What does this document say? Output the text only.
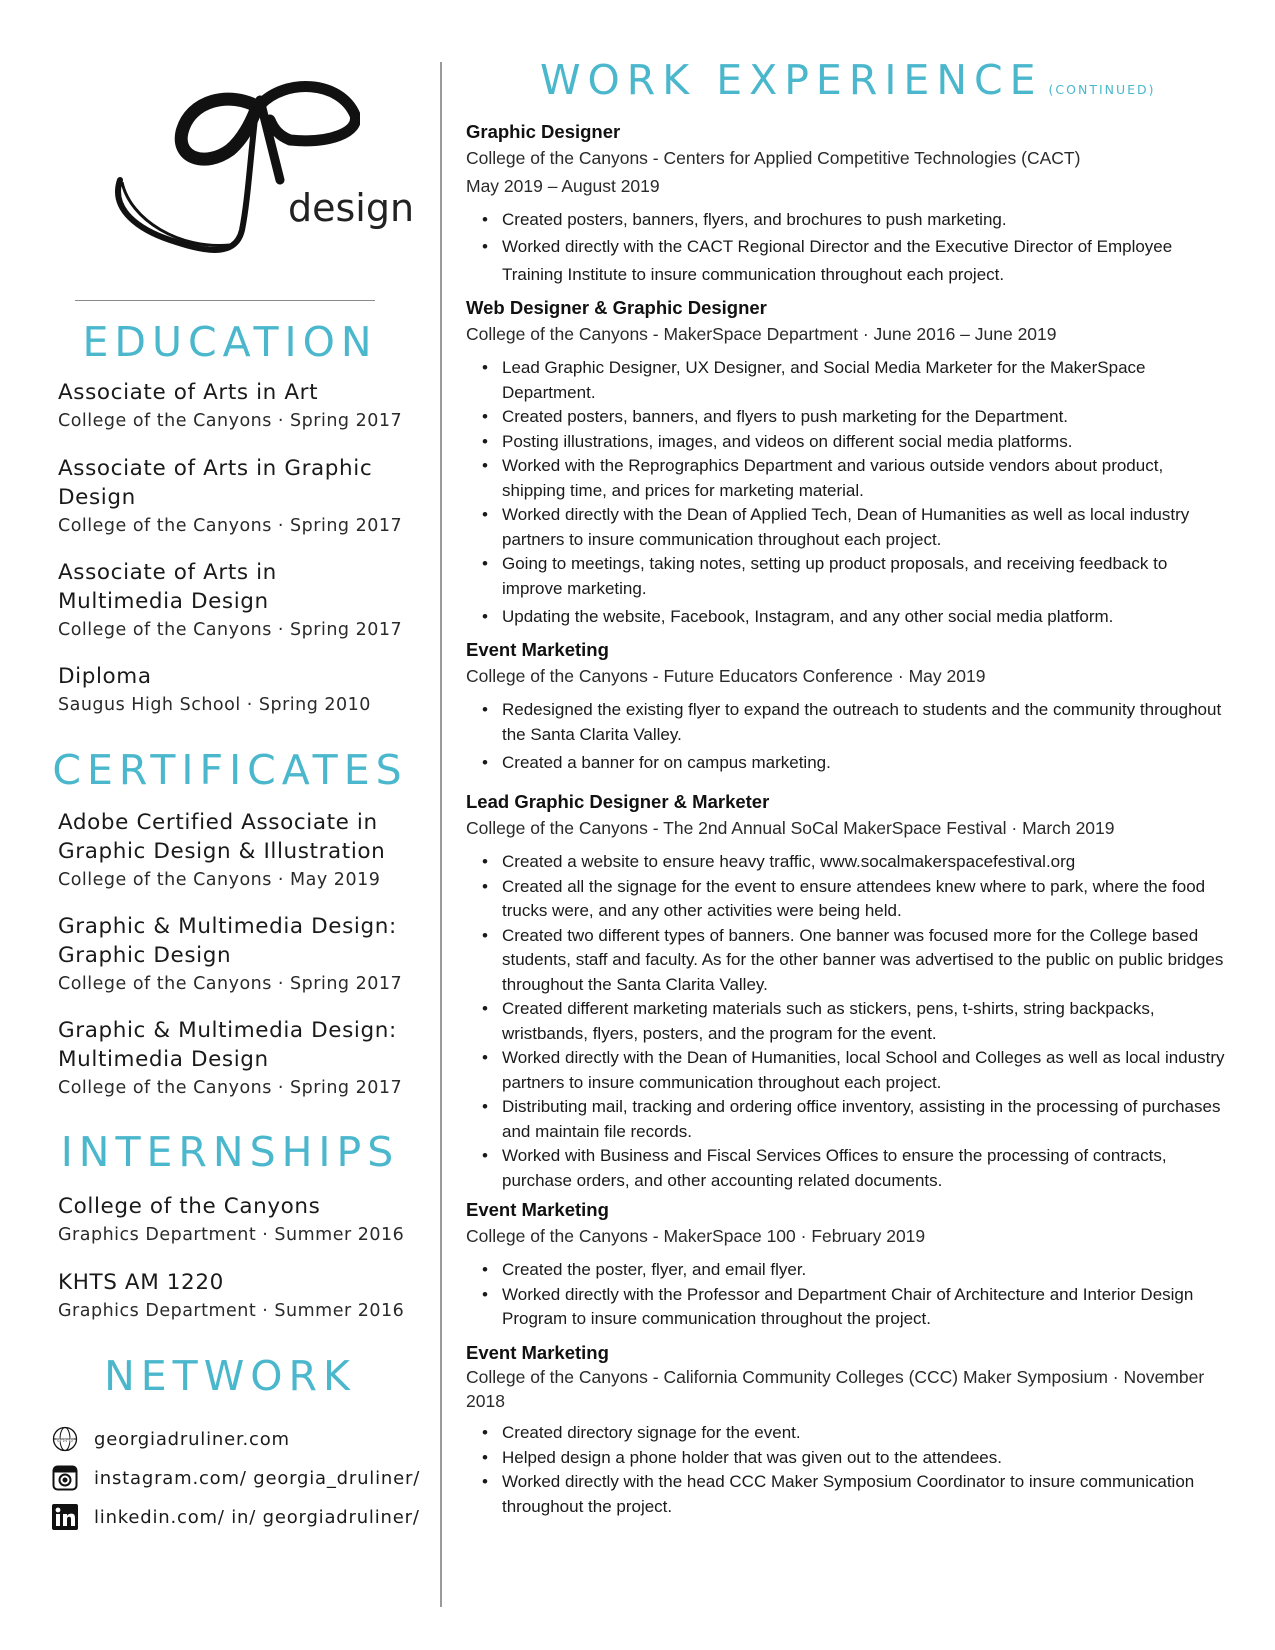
design
EDUCATION
Associate of Arts in Art
College of the Canyons · Spring 2017
Associate of Arts in Graphic Design
College of the Canyons · Spring 2017
Associate of Arts in Multimedia Design
College of the Canyons · Spring 2017
Diploma
Saugus High School · Spring 2010
CERTIFICATES
Adobe Certified Associate in Graphic Design & Illustration
College of the Canyons · May 2019
Graphic & Multimedia Design: Graphic Design
College of the Canyons · Spring 2017
Graphic & Multimedia Design: Multimedia Design
College of the Canyons · Spring 2017
INTERNSHIPS
College of the Canyons
Graphics Department · Summer 2016
KHTS AM 1220
Graphics Department · Summer 2016
NETWORK
www georgiadruliner.com
instagram.com/ georgia_druliner/
linkedin.com/ in/ georgiadruliner/
WORK EXPERIENCE (CONTINUED)
Graphic Designer
College of the Canyons - Centers for Applied Competitive Technologies (CACT)
May 2019 – August 2019
• Created posters, banners, flyers, and brochures to push marketing.
• Worked directly with the CACT Regional Director and the Executive Director of Employee Training Institute to insure communication throughout each project.
Web Designer & Graphic Designer
College of the Canyons - MakerSpace Department · June 2016 – June 2019
• Lead Graphic Designer, UX Designer, and Social Media Marketer for the MakerSpace Department.
• Created posters, banners, and flyers to push marketing for the Department.
• Posting illustrations, images, and videos on different social media platforms.
• Worked with the Reprographics Department and various outside vendors about product, shipping time, and prices for marketing material.
• Worked directly with the Dean of Applied Tech, Dean of Humanities as well as local industry partners to insure communication throughout each project.
• Going to meetings, taking notes, setting up product proposals, and receiving feedback to improve marketing.
• Updating the website, Facebook, Instagram, and any other social media platform.
Event Marketing
College of the Canyons - Future Educators Conference · May 2019
• Redesigned the existing flyer to expand the outreach to students and the community throughout the Santa Clarita Valley.
• Created a banner for on campus marketing.
Lead Graphic Designer & Marketer
College of the Canyons - The 2nd Annual SoCal MakerSpace Festival · March 2019
• Created a website to ensure heavy traffic, www.socalmakerspacefestival.org
• Created all the signage for the event to ensure attendees knew where to park, where the food trucks were, and any other activities were being held.
• Created two different types of banners. One banner was focused more for the College based students, staff and faculty. As for the other banner was advertised to the public on public bridges throughout the Santa Clarita Valley.
• Created different marketing materials such as stickers, pens, t-shirts, string backpacks, wristbands, flyers, posters, and the program for the event.
• Worked directly with the Dean of Humanities, local School and Colleges as well as local industry partners to insure communication throughout each project.
• Distributing mail, tracking and ordering office inventory, assisting in the processing of purchases and maintain file records.
• Worked with Business and Fiscal Services Offices to ensure the processing of contracts, purchase orders, and other accounting related documents.
Event Marketing
College of the Canyons - MakerSpace 100 · February 2019
• Created the poster, flyer, and email flyer.
• Worked directly with the Professor and Department Chair of Architecture and Interior Design Program to insure communication throughout the project.
Event Marketing
College of the Canyons - California Community Colleges (CCC) Maker Symposium · November 2018
• Created directory signage for the event.
• Helped design a phone holder that was given out to the attendees.
• Worked directly with the head CCC Maker Symposium Coordinator to insure communication throughout the project.
